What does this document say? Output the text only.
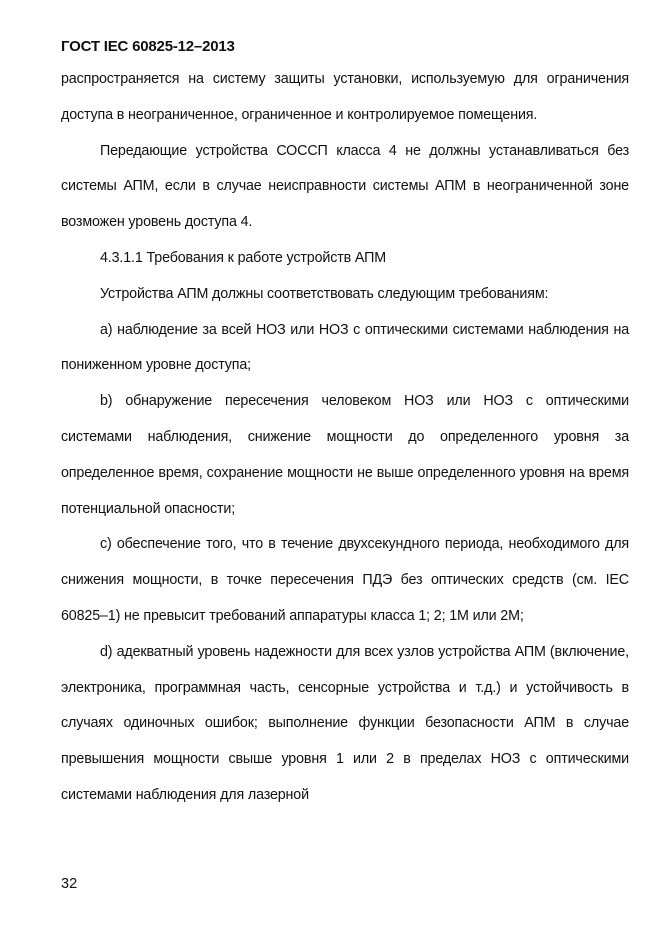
ГОСТ IEC 60825-12–2013

распространяется на систему защиты установки, используемую для ограничения доступа в неограниченное, ограниченное и контролируемое помещения.

Передающие устройства СОССП класса 4 не должны устанавливаться без системы АПМ, если в случае неисправности системы АПМ в неограниченной зоне возможен уровень доступа 4.

4.3.1.1 Требования к работе устройств АПМ

Устройства АПМ должны соответствовать следующим требованиям:

a) наблюдение за всей НОЗ или НОЗ с оптическими системами наблюдения на пониженном уровне доступа;

b) обнаружение пересечения человеком НОЗ или НОЗ с оптическими системами наблюдения, снижение мощности до определенного уровня за определенное время, сохранение мощности не выше определенного уровня на время потенциальной опасности;

c) обеспечение того, что в течение двухсекундного периода, необходимого для снижения мощности, в точке пересечения ПДЭ без оптических средств (см. IEC 60825–1) не превысит требований аппаратуры класса 1; 2; 1М или 2М;

d) адекватный уровень надежности для всех узлов устройства АПМ (включение, электроника, программная часть, сенсорные устройства и т.д.) и устойчивость в случаях одиночных ошибок; выполнение функции безопасности АПМ в случае превышения мощности свыше уровня 1 или 2 в пределах НОЗ с оптическими системами наблюдения для лазерной

32
